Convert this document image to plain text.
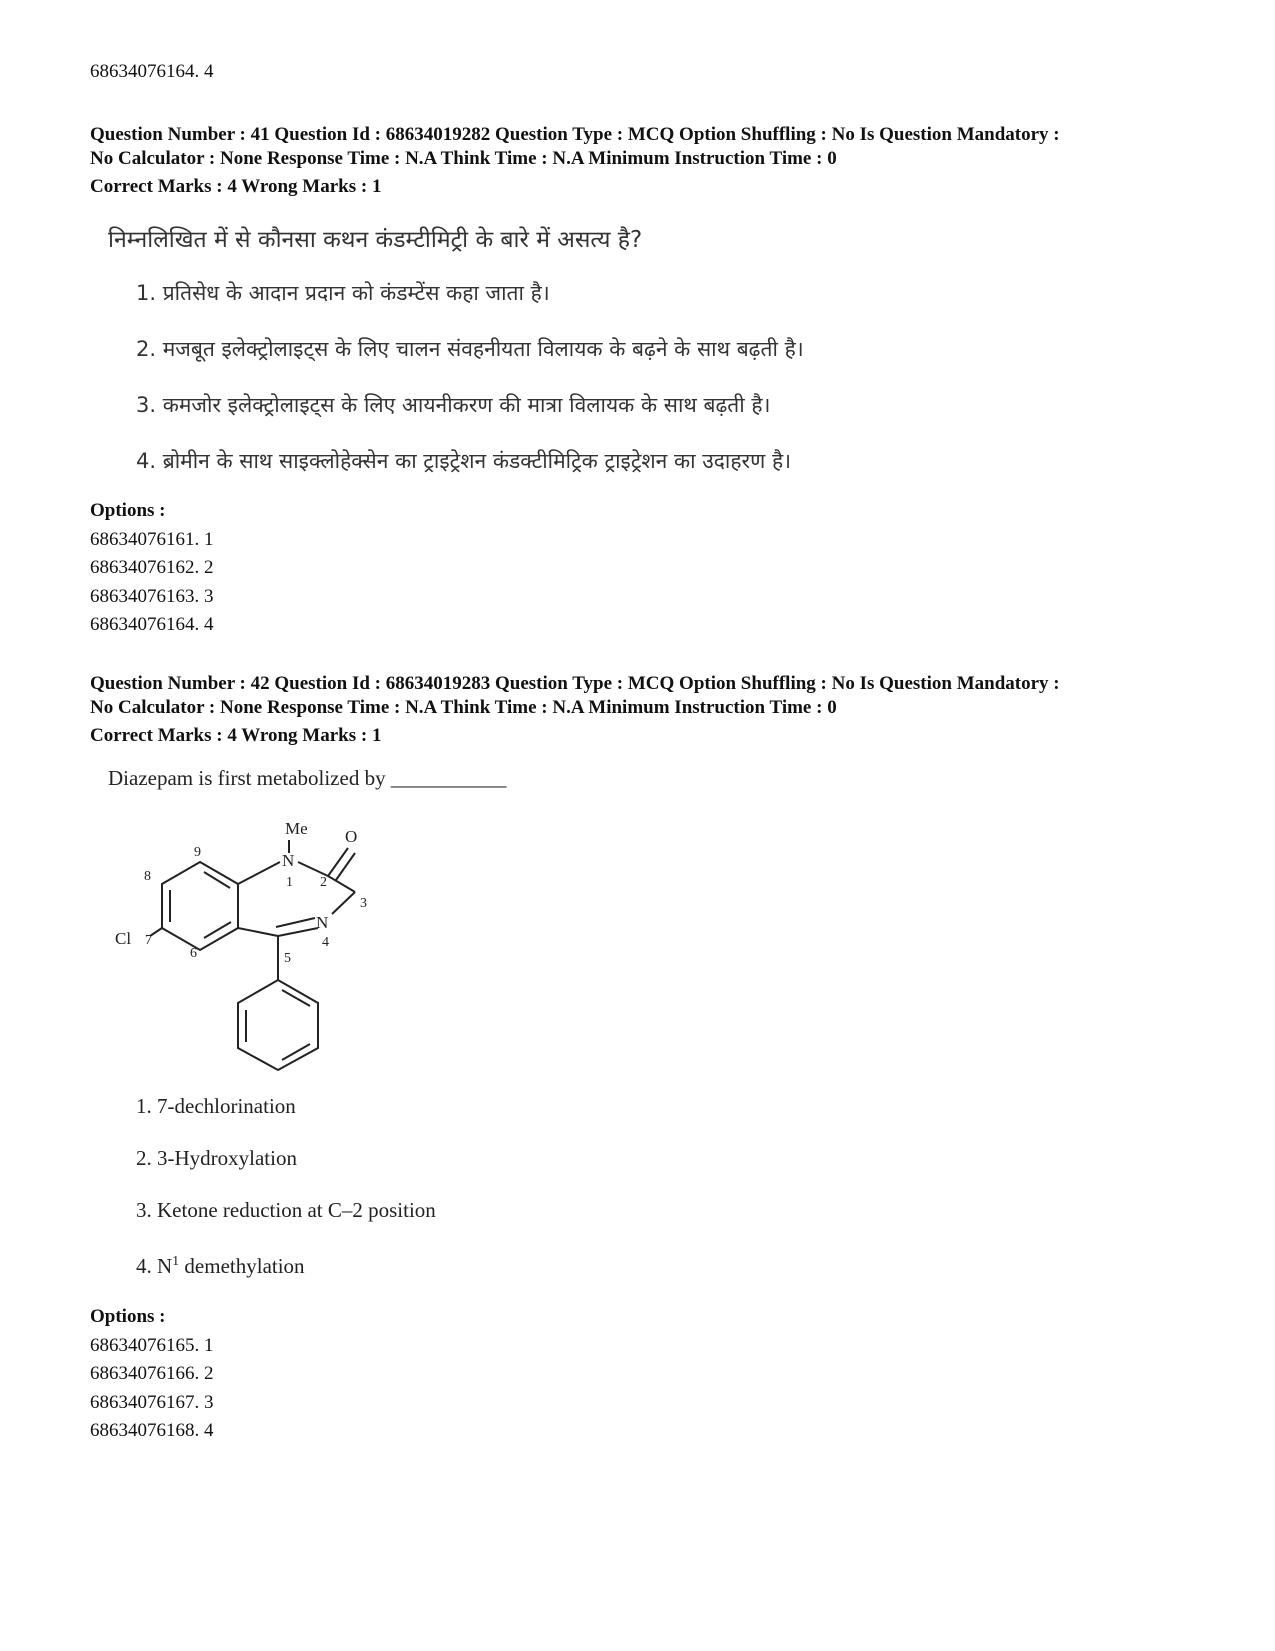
68634076164. 4
Question Number : 41 Question Id : 68634019282 Question Type : MCQ Option Shuffling : No Is Question Mandatory :
No Calculator : None Response Time : N.A Think Time : N.A Minimum Instruction Time : 0
Correct Marks : 4 Wrong Marks : 1
निम्नलिखित में से कौनसा कथन कंडम्टीमिट्री के बारे में असत्य है?
1. प्रतिसेध के आदान प्रदान को कंडम्टेंस कहा जाता है।
2. मजबूत इलेक्ट्रोलाइट्स के लिए चालन संवहनीयता विलायक के बढ़ने के साथ बढ़ती है।
3. कमजोर इलेक्ट्रोलाइट्स के लिए आयनीकरण की मात्रा विलायक के साथ बढ़ती है।
4. ब्रोमीन के साथ साइक्लोहेक्सेन का ट्राइट्रेशन कंडक्टीमिट्रिक ट्राइट्रेशन का उदाहरण है।
Options :
68634076161. 1
68634076162. 2
68634076163. 3
68634076164. 4
Question Number : 42 Question Id : 68634019283 Question Type : MCQ Option Shuffling : No Is Question Mandatory :
No Calculator : None Response Time : N.A Think Time : N.A Minimum Instruction Time : 0
Correct Marks : 4 Wrong Marks : 1
Diazepam is first metabolized by ___________
Me O
N
N
Cl
1 2
3
4
5
6
7
8
9
1. 7-dechlorination
2. 3-Hydroxylation
3. Ketone reduction at C–2 position
4. $N^1$ demethylation
Options :
68634076165. 1
68634076166. 2
68634076167. 3
68634076168. 4
